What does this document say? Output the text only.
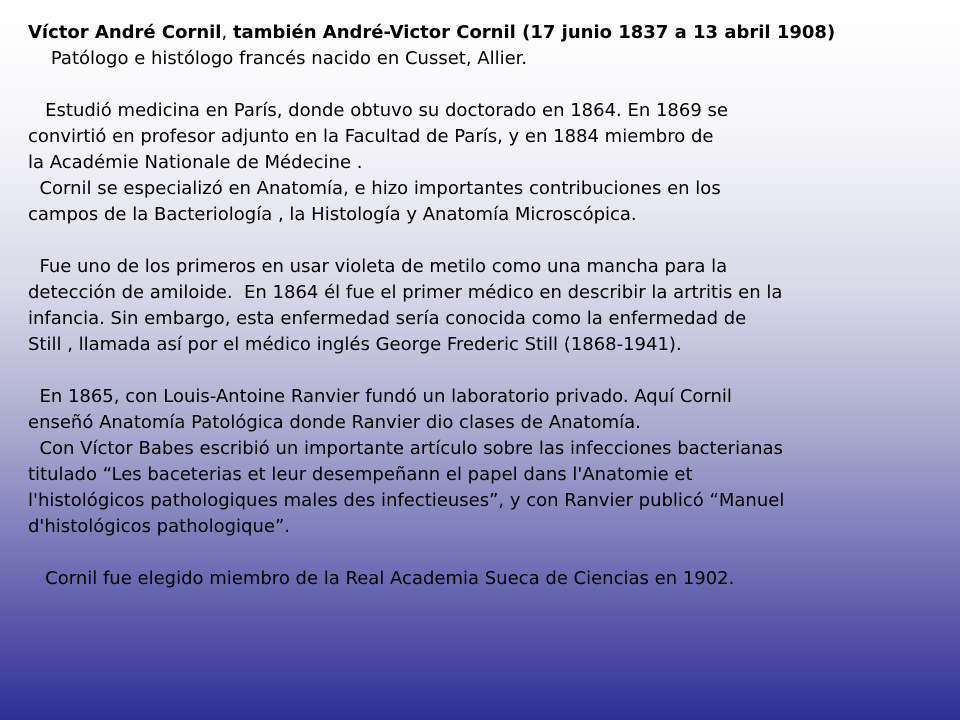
Víctor André Cornil, también André-Victor Cornil (17 junio 1837 a 13 abril 1908)

Patólogo e histólogo francés nacido en Cusset, Allier.

Estudió medicina en París, donde obtuvo su doctorado en 1864. En 1869 se

convirtió en profesor adjunto en la Facultad de París, y en 1884 miembro de

la Académie Nationale de Médecine .

Cornil se especializó en Anatomía, e hizo importantes contribuciones en los

campos de la Bacteriología , la Histología y Anatomía Microscópica.

Fue uno de los primeros en usar violeta de metilo como una mancha para la

detección de amiloide.  En 1864 él fue el primer médico en describir la artritis en la

infancia. Sin embargo, esta enfermedad sería conocida como la enfermedad de

Still , llamada así por el médico inglés George Frederic Still (1868-1941).

En 1865, con Louis-Antoine Ranvier fundó un laboratorio privado. Aquí Cornil

enseñó Anatomía Patológica donde Ranvier dio clases de Anatomía.

Con Víctor Babes escribió un importante artículo sobre las infecciones bacterianas

titulado “Les baceterias et leur desempeñann el papel dans l'Anatomie et

l'histológicos pathologiques males des infectieuses”, y con Ranvier publicó “Manuel

d'histológicos pathologique”.

Cornil fue elegido miembro de la Real Academia Sueca de Ciencias en 1902.
